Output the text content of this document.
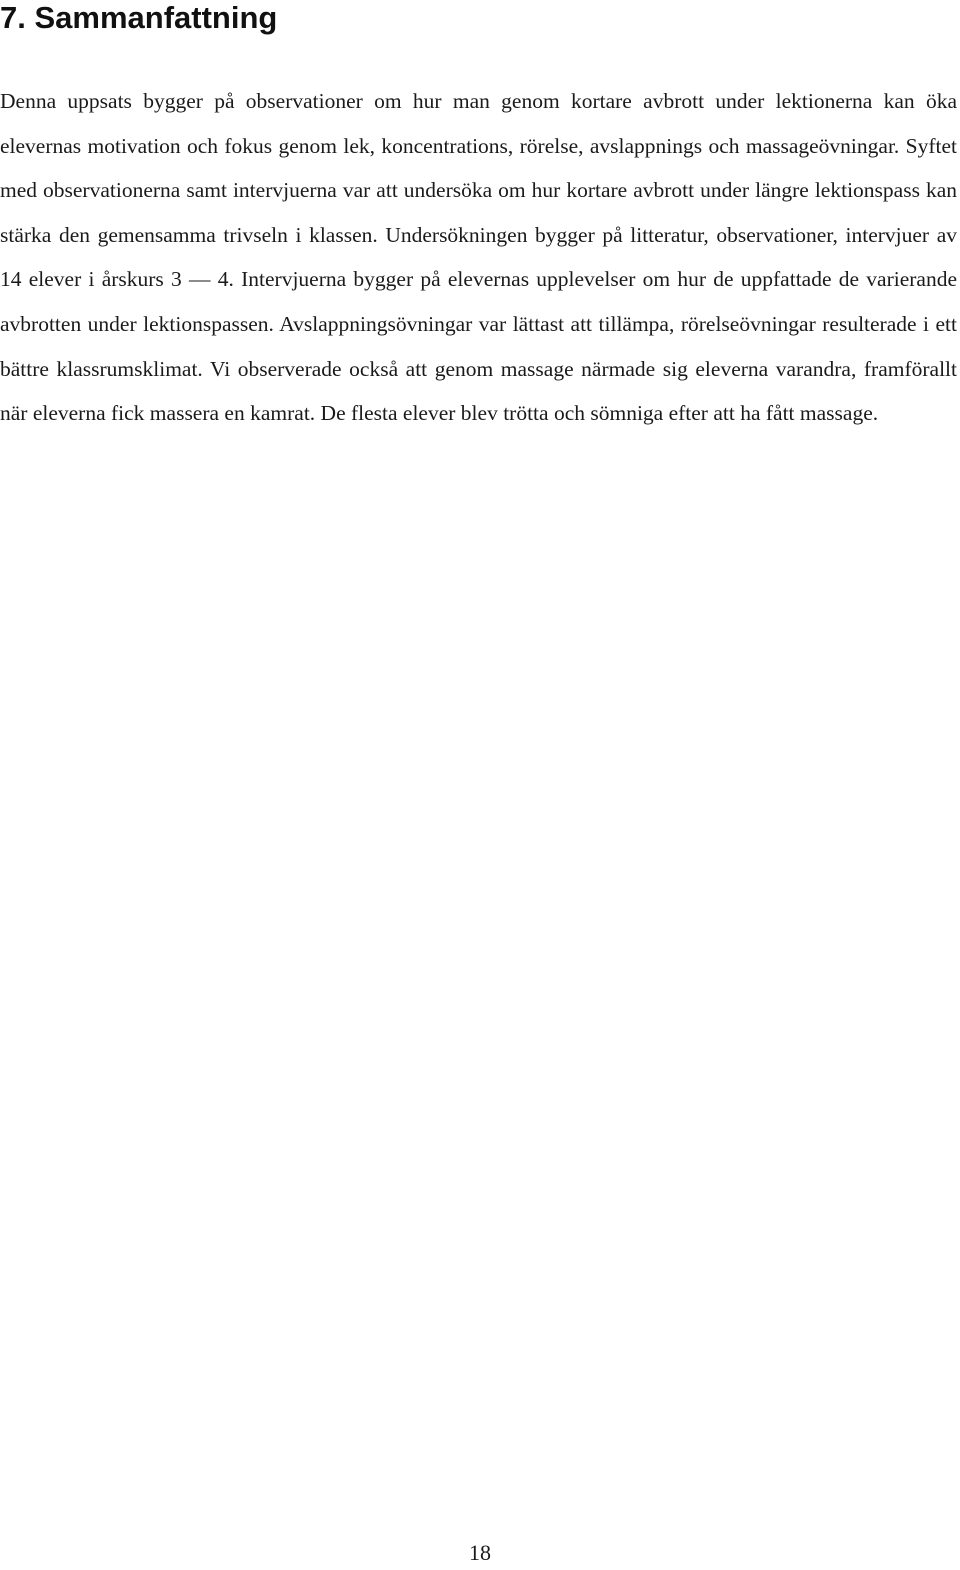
7. Sammanfattning

Denna uppsats bygger på observationer om hur man genom kortare avbrott under lektionerna kan öka elevernas motivation och fokus genom lek, koncentrations, rörelse, avslappnings och massageövningar. Syftet med observationerna samt intervjuerna var att undersöka om hur kortare avbrott under längre lektionspass kan stärka den gemensamma trivseln i klassen. Undersökningen bygger på litteratur, observationer, intervjuer av 14 elever i årskurs 3 — 4. Intervjuerna bygger på elevernas upplevelser om hur de uppfattade de varierande avbrotten under lektionspassen. Avslappningsövningar var lättast att tillämpa, rörelseövningar resulterade i ett bättre klassrumsklimat. Vi observerade också att genom massage närmade sig eleverna varandra, framförallt när eleverna fick massera en kamrat. De flesta elever blev trötta och sömniga efter att ha fått massage.

18
